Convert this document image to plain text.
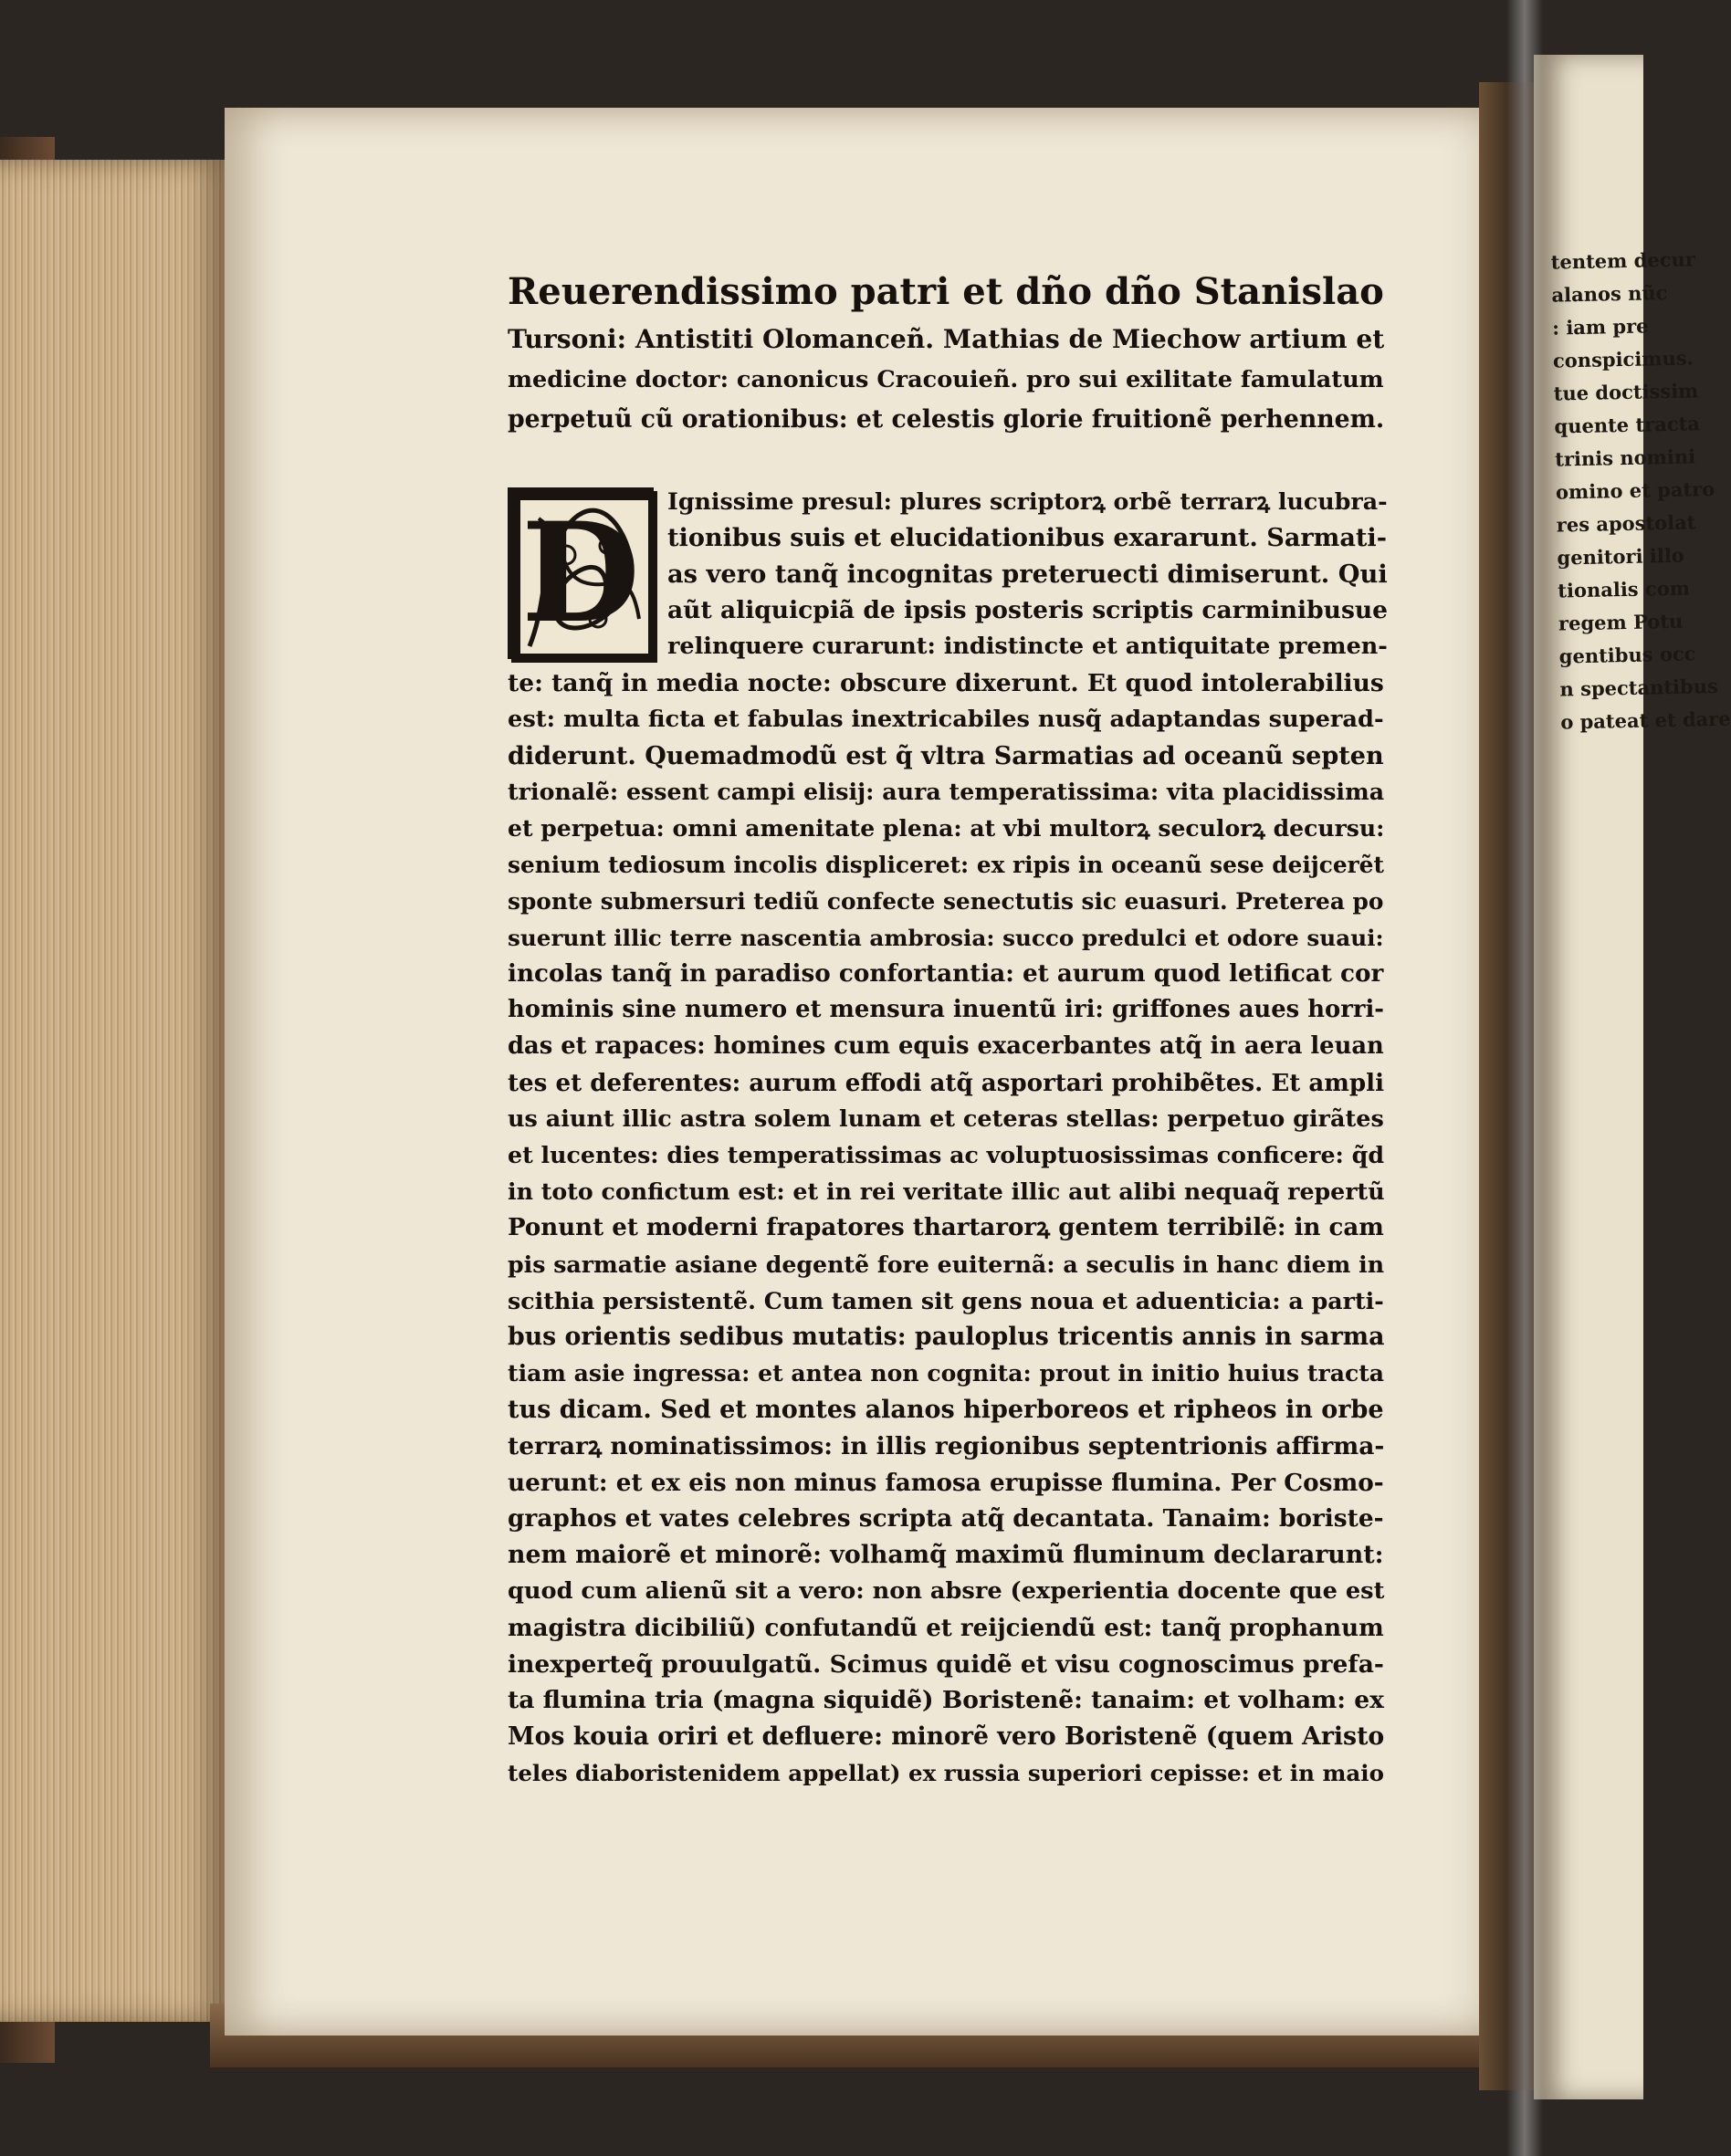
tentem decur
alanos nũc
: iam pre
conspicimus.
tue doctissim
quente tracta
trinis nomini
omino et patro
res apostolat
genitori illo
tionalis com
regem Potu
gentibus occ
n spectantibus
o pateat et dare
Reuerendissimo patri et dño dño Stanislao
Tursoni: Antistiti Olomanceñ. Mathias de Miechow artium et
medicine doctor: canonicus Cracouieñ. pro sui exilitate famulatum
perpetuũ cũ orationibus: et celestis glorie fruitionẽ perhennem.
D	Ignissime presul: plures scriptorꝝ orbẽ terrarꝝ lucubra-
tionibus suis et elucidationibus exararunt. Sarmati-
as vero tanq̃ incognitas preteruecti dimiserunt. Qui
aũt aliquicpiã de ipsis posteris scriptis carminibusue
relinquere curarunt: indistincte et antiquitate premen-
te: tanq̃ in media nocte: obscure dixerunt. Et quod intolerabilius
est: multa ficta et fabulas inextricabiles nusq̃ adaptandas superad-
diderunt. Quemadmodũ est q̃ vltra Sarmatias ad oceanũ septen
trionalẽ: essent campi elisij: aura temperatissima: vita placidissima
et perpetua: omni amenitate plena: at vbi multorꝝ seculorꝝ decursu:
senium tediosum incolis displiceret: ex ripis in oceanũ sese deijcerẽt
sponte submersuri tediũ confecte senectutis sic euasuri. Preterea po
suerunt illic terre nascentia ambrosia: succo predulci et odore suaui:
incolas tanq̃ in paradiso confortantia: et aurum quod letificat cor
hominis sine numero et mensura inuentũ iri: griffones aues horri-
das et rapaces: homines cum equis exacerbantes atq̃ in aera leuan
tes et deferentes: aurum effodi atq̃ asportari prohibẽtes. Et ampli
us aiunt illic astra solem lunam et ceteras stellas: perpetuo girãtes
et lucentes: dies temperatissimas ac voluptuosissimas conficere: q̃d
in toto confictum est: et in rei veritate illic aut alibi nequaq̃ repertũ
Ponunt et moderni frapatores thartarorꝝ gentem terribilẽ: in cam
pis sarmatie asiane degentẽ fore euiternã: a seculis in hanc diem in
scithia persistentẽ. Cum tamen sit gens noua et aduenticia: a parti-
bus orientis sedibus mutatis: pauloplus tricentis annis in sarma
tiam asie ingressa: et antea non cognita: prout in initio huius tracta
tus dicam. Sed et montes alanos hiperboreos et ripheos in orbe
terrarꝝ nominatissimos: in illis regionibus septentrionis affirma-
uerunt: et ex eis non minus famosa erupisse flumina. Per Cosmo-
graphos et vates celebres scripta atq̃ decantata. Tanaim: boriste-
nem maiorẽ et minorẽ: volhamq̃ maximũ fluminum declararunt:
quod cum alienũ sit a vero: non absre (experientia docente que est
magistra dicibiliũ) confutandũ et reijciendũ est: tanq̃ prophanum
inexperteq̃ prouulgatũ. Scimus quidẽ et visu cognoscimus prefa-
ta flumina tria (magna siquidẽ) Boristenẽ: tanaim: et volham: ex
Mos kouia oriri et defluere: minorẽ vero Boristenẽ (quem Aristo
teles diaboristenidem appellat) ex russia superiori cepisse: et in maio
